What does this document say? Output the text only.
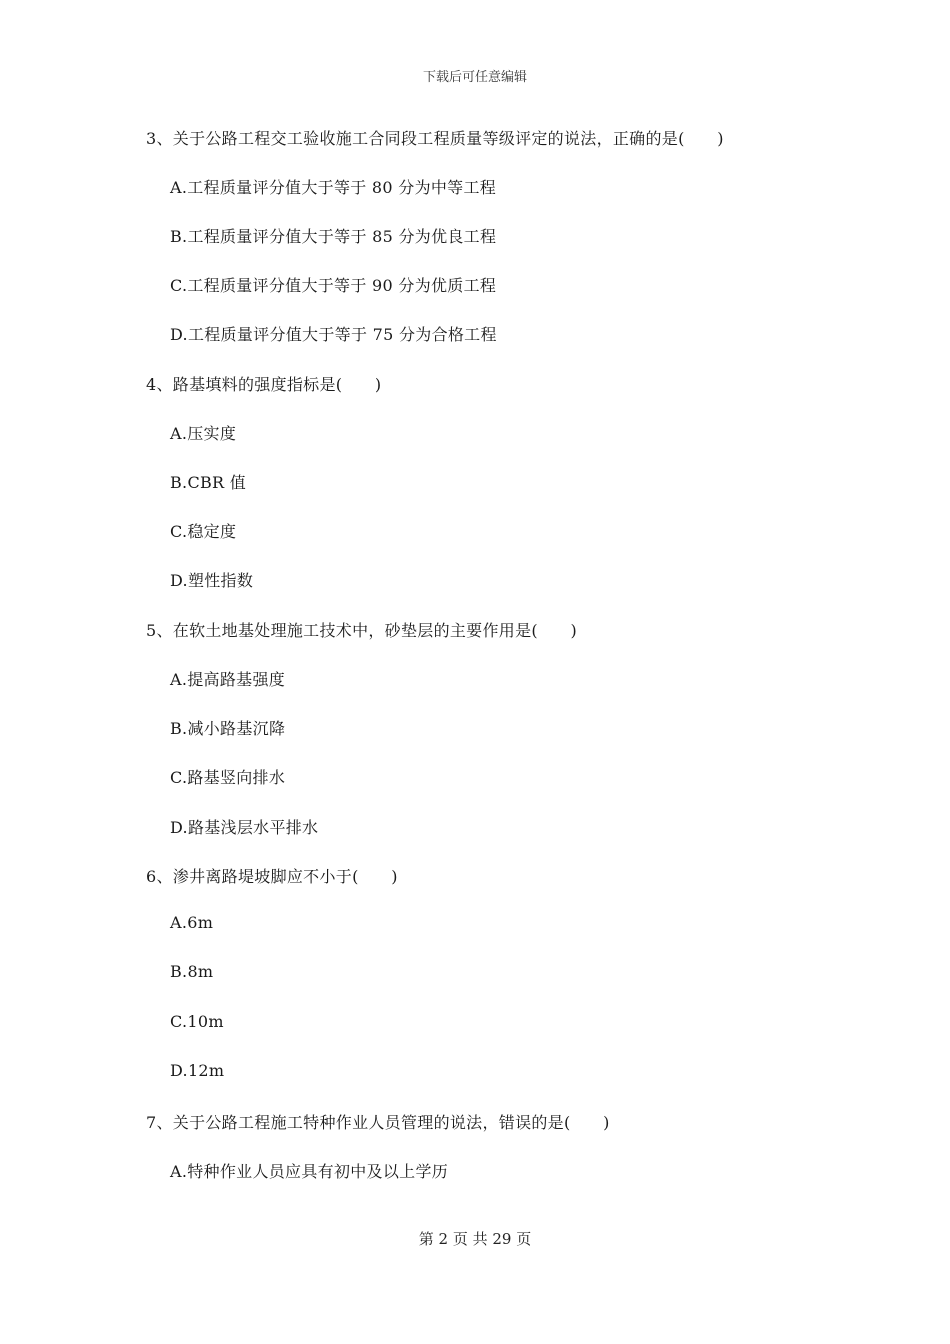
下载后可任意编辑
3、关于公路工程交工验收施工合同段工程质量等级评定的说法，正确的是(　　)
A.工程质量评分值大于等于 80 分为中等工程
B.工程质量评分值大于等于 85 分为优良工程
C.工程质量评分值大于等于 90 分为优质工程
D.工程质量评分值大于等于 75 分为合格工程
4、路基填料的强度指标是(　　)
A.压实度
B.CBR 值
C.稳定度
D.塑性指数
5、在软土地基处理施工技术中，砂垫层的主要作用是(　　)
A.提高路基强度
B.减小路基沉降
C.路基竖向排水
D.路基浅层水平排水
6、渗井离路堤坡脚应不小于(　　)
A.6m
B.8m
C.10m
D.12m
7、关于公路工程施工特种作业人员管理的说法，错误的是(　　)
A.特种作业人员应具有初中及以上学历
第 2 页 共 29 页
